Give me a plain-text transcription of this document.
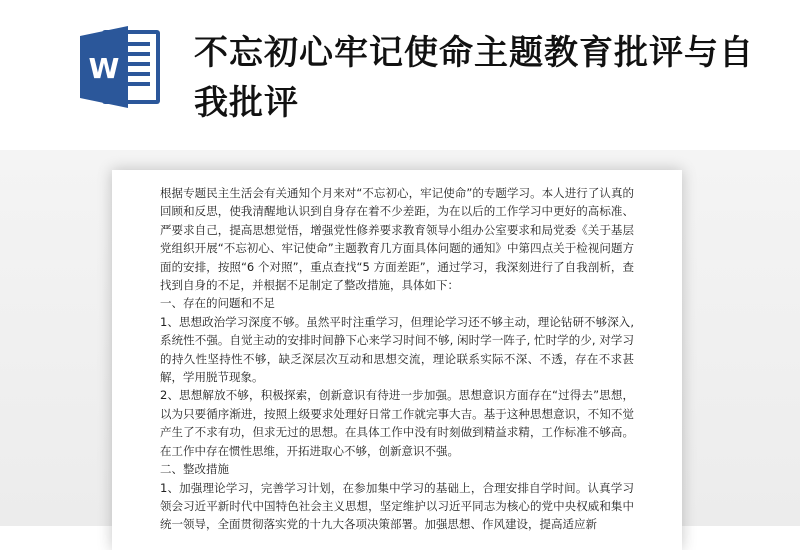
W 不忘初心牢记使命主题教育批评与自我批评

根据专题民主生活会有关通知个月来对“不忘初心，牢记使命”的专题学习。本人进行了认真的回顾和反思，使我清醒地认识到自身存在着不少差距，为在以后的工作学习中更好的高标准、严要求自己，提高思想觉悟，增强党性修养要求教育领导小组办公室要求和局党委《关于基层党组织开展“不忘初心、牢记使命”主题教育几方面具体问题的通知》中第四点关于检视问题方面的安排，按照“6 个对照”，重点查找“5 方面差距”，通过学习，我深刻进行了自我剖析，查找到自身的不足，并根据不足制定了整改措施，具体如下：

一、存在的问题和不足

1、思想政治学习深度不够。虽然平时注重学习，但理论学习还不够主动，理论钻研不够深入, 系统性不强。自觉主动的安排时间静下心来学习时间不够, 闲时学一阵子, 忙时学的少, 对学习的持久性坚持性不够，缺乏深层次互动和思想交流，理论联系实际不深、不透，存在不求甚解，学用脱节现象。

2、思想解放不够，积极探索，创新意识有待进一步加强。思想意识方面存在“过得去”思想，以为只要循序渐进，按照上级要求处理好日常工作就完事大吉。基于这种思想意识，不知不觉产生了不求有功，但求无过的思想。在具体工作中没有时刻做到精益求精，工作标准不够高。在工作中存在惯性思维，开拓进取心不够，创新意识不强。

二、整改措施

1、加强理论学习，完善学习计划，在参加集中学习的基础上，合理安排自学时间。认真学习领会习近平新时代中国特色社会主义思想，坚定维护以习近平同志为核心的党中央权威和集中统一领导，全面贯彻落实党的十九大各项决策部署。加强思想、作风建设，提高适应新
